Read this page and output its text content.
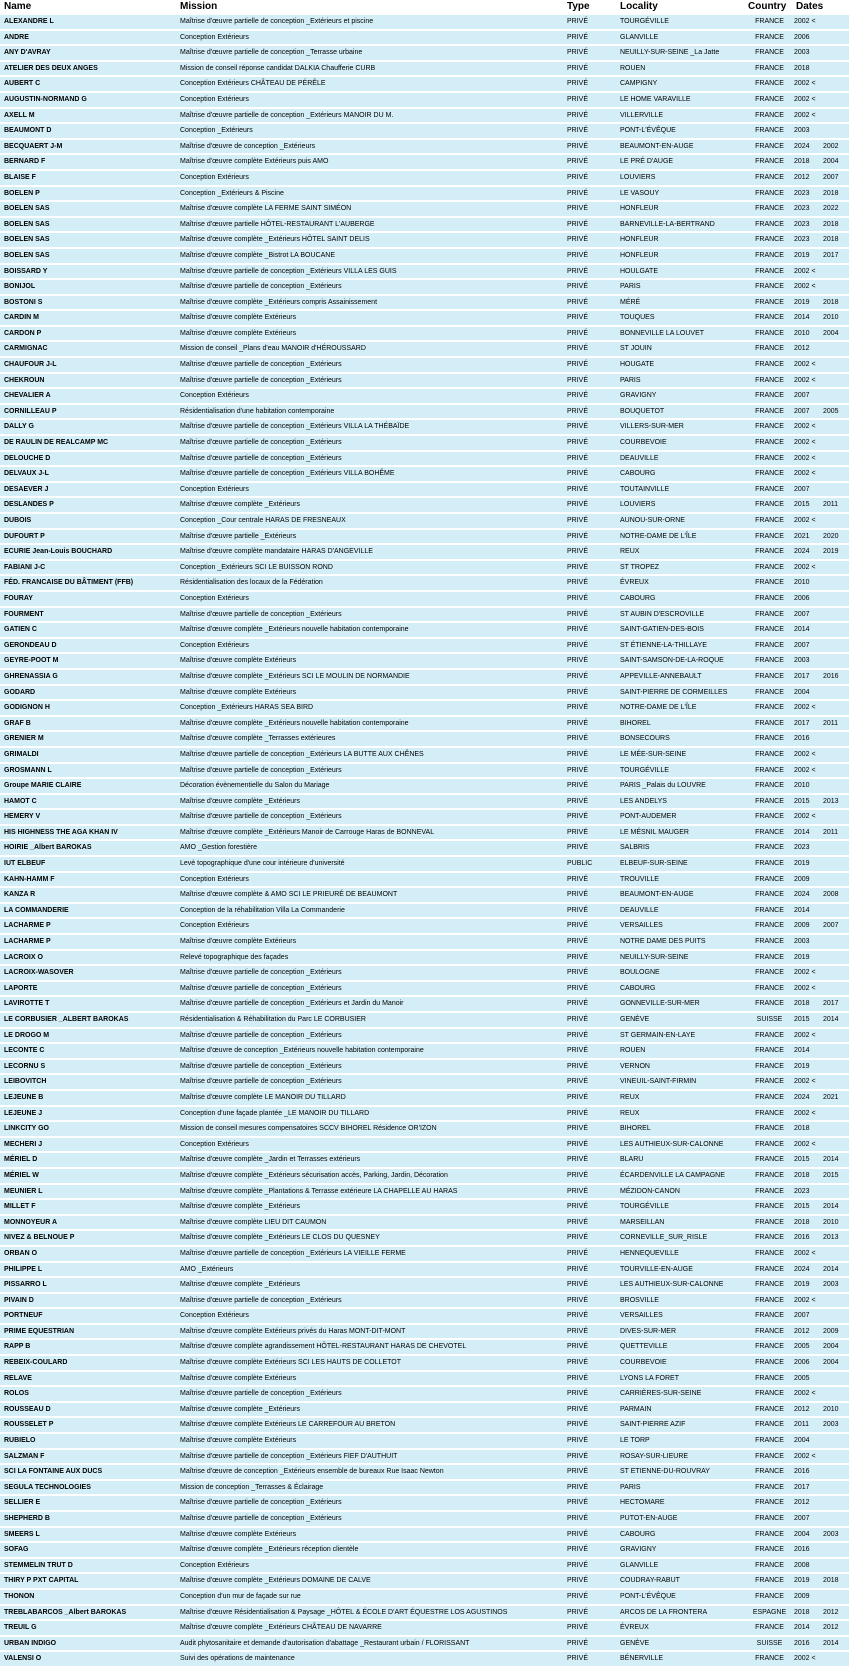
Name	Mission	Type	Locality	Country	Dates	
ALEXANDRE L	Maîtrise d'œuvre partielle de conception _Extérieurs et piscine	PRIVÉ	TOURGÉVILLE	FRANCE	2002 <	
ANDRE	Conception Extérieurs	PRIVÉ	GLANVILLE	FRANCE	2006	
ANY D'AVRAY	Maîtrise d'œuvre partielle de conception _Terrasse urbaine	PRIVÉ	NEUILLY-SUR-SEINE _La Jatte	FRANCE	2003	
ATELIER DES DEUX ANGES	Mission de conseil réponse candidat DALKIA Chaufferie CURB	PRIVÉ	ROUEN	FRANCE	2018	
AUBERT C	Conception Extérieurs CHÂTEAU DE PÉRÊLE	PRIVÉ	CAMPIGNY	FRANCE	2002 <	
AUGUSTIN-NORMAND G	Conception Extérieurs	PRIVÉ	LE HOME VARAVILLE	FRANCE	2002 <	
AXELL M	Maîtrise d'œuvre partielle de conception _Extérieurs MANOIR DU M.	PRIVÉ	VILLERVILLE	FRANCE	2002 <	
BEAUMONT D	Conception _Extérieurs	PRIVÉ	PONT-L'ÉVÊQUE	FRANCE	2003	
BECQUAERT J-M	Maîtrise d'œuvre de conception _Extérieurs	PRIVÉ	BEAUMONT-EN-AUGE	FRANCE	2024	2002
BERNARD F	Maîtrise d'œuvre complète Extérieurs puis AMO	PRIVÉ	LE PRÉ D'AUGE	FRANCE	2018	2004
BLAISE F	Conception Extérieurs	PRIVÉ	LOUVIERS	FRANCE	2012	2007
BOELEN P	Conception _Extérieurs & Piscine	PRIVÉ	LE VASOUY	FRANCE	2023	2018
BOELEN SAS	Maîtrise d'œuvre complète LA FERME SAINT SIMÉON	PRIVÉ	HONFLEUR	FRANCE	2023	2022
BOELEN SAS	Maîtrise d'œuvre partielle HÔTEL-RESTAURANT L'AUBERGE	PRIVÉ	BARNEVILLE-LA-BERTRAND	FRANCE	2023	2018
BOELEN SAS	Maîtrise d'œuvre complète _Extérieurs HÔTEL SAINT DELIS	PRIVÉ	HONFLEUR	FRANCE	2023	2018
BOELEN SAS	Maîtrise d'œuvre complète _Bistrot LA BOUCANE	PRIVÉ	HONFLEUR	FRANCE	2019	2017
BOISSARD Y	Maîtrise d'œuvre partielle de conception _Extérieurs VILLA LES GUIS	PRIVÉ	HOULGATE	FRANCE	2002 <	
BONIJOL	Maîtrise d'œuvre partielle de conception _Extérieurs	PRIVÉ	PARIS	FRANCE	2002 <	
BOSTONI S	Maîtrise d'œuvre complète _Extérieurs compris Assainissement	PRIVÉ	MÉRÉ	FRANCE	2019	2018
CARDIN M	Maîtrise d'œuvre complète Extérieurs	PRIVÉ	TOUQUES	FRANCE	2014	2010
CARDON P	Maîtrise d'œuvre complète Extérieurs	PRIVÉ	BONNEVILLE LA LOUVET	FRANCE	2010	2004
CARMIGNAC	Mission de conseil _Plans d'eau MANOIR d'HÉROUSSARD	PRIVÉ	ST JOUIN	FRANCE	2012	
CHAUFOUR J-L	Maîtrise d'œuvre partielle de conception _Extérieurs	PRIVÉ	HOUGATE	FRANCE	2002 <	
CHEKROUN	Maîtrise d'œuvre partielle de conception _Extérieurs	PRIVÉ	PARIS	FRANCE	2002 <	
CHEVALIER A	Conception Extérieurs	PRIVÉ	GRAVIGNY	FRANCE	2007	
CORNILLEAU P	Résidentialisation d'une habitation contemporaine	PRIVÉ	BOUQUETOT	FRANCE	2007	2005
DALLY G	Maîtrise d'œuvre partielle de conception _Extérieurs VILLA LA THÉBAÏDE	PRIVÉ	VILLERS-SUR-MER	FRANCE	2002 <	
DE RAULIN DE REALCAMP MC	Maîtrise d'œuvre partielle de conception _Extérieurs	PRIVÉ	COURBEVOIE	FRANCE	2002 <	
DELOUCHE D	Maîtrise d'œuvre partielle de conception _Extérieurs	PRIVÉ	DEAUVILLE	FRANCE	2002 <	
DELVAUX J-L	Maîtrise d'œuvre partielle de conception _Extérieurs VILLA BOHÊME	PRIVÉ	CABOURG	FRANCE	2002 <	
DESAEVER J	Conception Extérieurs	PRIVÉ	TOUTAINVILLE	FRANCE	2007	
DESLANDES P	Maîtrise d'œuvre complète _Extérieurs	PRIVÉ	LOUVIERS	FRANCE	2015	2011
DUBOIS	Conception _Cour centrale HARAS DE FRESNEAUX	PRIVÉ	AUNOU-SUR-ORNE	FRANCE	2002 <	
DUFOURT P	Maîtrise d'œuvre partielle _Extérieurs	PRIVÉ	NOTRE-DAME DE L'ÎLE	FRANCE	2021	2020
ECURIE Jean-Louis BOUCHARD	Maîtrise d'œuvre complète mandataire HARAS D'ANGEVILLE	PRIVÉ	REUX	FRANCE	2024	2019
FABIANI J-C	Conception _Extérieurs SCI LE BUISSON ROND	PRIVÉ	ST TROPEZ	FRANCE	2002 <	
FÉD. FRANCAISE DU BÂTIMENT (FFB)	Résidentialisation des locaux de la Fédération	PRIVÉ	ÉVREUX	FRANCE	2010	
FOURAY	Conception Extérieurs	PRIVÉ	CABOURG	FRANCE	2006	
FOURMENT	Maîtrise d'œuvre partielle de conception _Extérieurs	PRIVÉ	ST AUBIN D'ESCROVILLE	FRANCE	2007	
GATIEN C	Maîtrise d'œuvre complète _Extérieurs nouvelle habitation contemporaine	PRIVÉ	SAINT-GATIEN-DES-BOIS	FRANCE	2014	
GERONDEAU D	Conception Extérieurs	PRIVÉ	ST ÉTIENNE-LA-THILLAYE	FRANCE	2007	
GEYRE-POOT M	Maîtrise d'œuvre complète Extérieurs	PRIVÉ	SAINT-SAMSON-DE-LA-ROQUE	FRANCE	2003	
GHRENASSIA G	Maîtrise d'œuvre complète _Extérieurs SCI LE MOULIN DE NORMANDIE	PRIVÉ	APPEVILLE-ANNEBAULT	FRANCE	2017	2016
GODARD	Maîtrise d'œuvre complète Extérieurs	PRIVÉ	SAINT-PIERRE DE CORMEILLES	FRANCE	2004	
GODIGNON H	Conception _Extérieurs HARAS SEA BIRD	PRIVÉ	NOTRE-DAME DE L'ÎLE	FRANCE	2002 <	
GRAF B	Maîtrise d'œuvre complète _Extérieurs nouvelle habitation contemporaine	PRIVÉ	BIHOREL	FRANCE	2017	2011
GRENIER M	Maîtrise d'œuvre complète _Terrasses extérieures	PRIVÉ	BONSECOURS	FRANCE	2016	
GRIMALDI	Maîtrise d'œuvre partielle de conception _Extérieurs LA BUTTE AUX CHÊNES	PRIVÉ	LE MÉE-SUR-SEINE	FRANCE	2002 <	
GROSMANN L	Maîtrise d'œuvre partielle de conception _Extérieurs	PRIVÉ	TOURGÉVILLE	FRANCE	2002 <	
Groupe MARIE CLAIRE	Décoration évènementielle du Salon du Mariage	PRIVÉ	PARIS _Palais du LOUVRE	FRANCE	2010	
HAMOT C	Maîtrise d'œuvre complète _Extérieurs	PRIVÉ	LES ANDELYS	FRANCE	2015	2013
HEMERY V	Maîtrise d'œuvre partielle de conception _Extérieurs	PRIVÉ	PONT-AUDEMER	FRANCE	2002 <	
HIS HIGHNESS THE AGA KHAN IV	Maîtrise d'œuvre complète _Extérieurs Manoir de Carrouge Haras de BONNEVAL	PRIVÉ	LE MÉSNIL MAUGER	FRANCE	2014	2011
HOIRIE _Albert BAROKAS	AMO _Gestion forestière	PRIVÉ	SALBRIS	FRANCE	2023	
IUT ELBEUF	Levé topographique d'une cour intérieure d'université	PUBLIC	ELBEUF-SUR-SEINE	FRANCE	2019	
KAHN-HAMM F	Conception Extérieurs	PRIVÉ	TROUVILLE	FRANCE	2009	
KANZA R	Maîtrise d'œuvre complète & AMO SCI LE PRIEURÉ DE BEAUMONT	PRIVÉ	BEAUMONT-EN-AUGE	FRANCE	2024	2008
LA COMMANDERIE	Conception de la réhabilitation Villa La Commanderie	PRIVÉ	DEAUVILLE	FRANCE	2014	
LACHARME P	Conception Extérieurs	PRIVÉ	VERSAILLES	FRANCE	2009	2007
LACHARME P	Maîtrise d'œuvre complète Extérieurs	PRIVÉ	NOTRE DAME DES PUITS	FRANCE	2003	
LACROIX O	Relevé topographique des façades	PRIVÉ	NEUILLY-SUR-SEINE	FRANCE	2019	
LACROIX-WASOVER	Maîtrise d'œuvre partielle de conception _Extérieurs	PRIVÉ	BOULOGNE	FRANCE	2002 <	
LAPORTE	Maîtrise d'œuvre partielle de conception _Extérieurs	PRIVÉ	CABOURG	FRANCE	2002 <	
LAVIROTTE T	Maîtrise d'œuvre partielle de conception _Extérieurs et Jardin du Manoir	PRIVÉ	GONNEVILLE-SUR-MER	FRANCE	2018	2017
LE CORBUSIER _ALBERT BAROKAS	Résidentialisation & Réhabilitation du Parc LE CORBUSIER	PRIVÉ	GENÈVE	SUISSE	2015	2014
LE DROGO M	Maîtrise d'œuvre partielle de conception _Extérieurs	PRIVÉ	ST GERMAIN-EN-LAYE	FRANCE	2002 <	
LECONTE C	Maîtrise d'œuvre de conception _Extérieurs nouvelle habitation contemporaine	PRIVÉ	ROUEN	FRANCE	2014	
LECORNU S	Maîtrise d'œuvre partielle de conception _Extérieurs	PRIVÉ	VERNON	FRANCE	2019	
LEIBOVITCH	Maîtrise d'œuvre partielle de conception _Extérieurs	PRIVÉ	VINEUIL-SAINT-FIRMIN	FRANCE	2002 <	
LEJEUNE B	Maîtrise d'œuvre complète LE MANOIR DU TILLARD	PRIVÉ	REUX	FRANCE	2024	2021
LEJEUNE J	Conception d'une façade plantée _LE MANOIR DU TILLARD	PRIVÉ	REUX	FRANCE	2002 <	
LINKCITY GO	Mission de conseil mesures compensatoires SCCV BIHOREL Résidence OR'IZON	PRIVÉ	BIHOREL	FRANCE	2018	
MECHERI J	Conception Extérieurs	PRIVÉ	LES AUTHIEUX-SUR-CALONNE	FRANCE	2002 <	
MÉRIEL D	Maîtrise d'œuvre complète _Jardin et Terrasses extérieurs	PRIVÉ	BLARU	FRANCE	2015	2014
MÉRIEL W	Maîtrise d'œuvre complète _Extérieurs sécurisation accès, Parking, Jardin, Décoration	PRIVÉ	ÉCARDENVILLE LA CAMPAGNE	FRANCE	2018	2015
MEUNIER L	Maîtrise d'œuvre complète _Plantations & Terrasse extérieure LA CHAPELLE AU HARAS	PRIVÉ	MÉZIDON-CANON	FRANCE	2023	
MILLET F	Maîtrise d'œuvre complète _Extérieurs	PRIVÉ	TOURGÉVILLE	FRANCE	2015	2014
MONNOYEUR A	Maîtrise d'œuvre complète LIEU DIT CAUMON	PRIVÉ	MARSEILLAN	FRANCE	2018	2010
NIVEZ & BELNOUE P	Maîtrise d'œuvre complète _Extérieurs LE CLOS DU QUESNEY	PRIVÉ	CORNEVILLE_SUR_RISLE	FRANCE	2016	2013
ORBAN O	Maîtrise d'œuvre partielle de conception _Extérieurs LA VIEILLE FERME	PRIVÉ	HENNEQUEVILLE	FRANCE	2002 <	
PHILIPPE L	AMO _Extérieurs	PRIVÉ	TOURVILLE-EN-AUGE	FRANCE	2024	2014
PISSARRO L	Maîtrise d'œuvre complète _Extérieurs	PRIVÉ	LES AUTHIEUX-SUR-CALONNE	FRANCE	2019	2003
PIVAIN D	Maîtrise d'œuvre partielle de conception _Extérieurs	PRIVÉ	BROSVILLE	FRANCE	2002 <	
PORTNEUF	Conception Extérieurs	PRIVÉ	VERSAILLES	FRANCE	2007	
PRIME EQUESTRIAN	Maîtrise d'œuvre complète Extérieurs privés du Haras MONT-DIT-MONT	PRIVÉ	DIVES-SUR-MER	FRANCE	2012	2009
RAPP B	Maîtrise d'œuvre complète agrandissement HÔTEL-RESTAURANT HARAS DE CHEVOTEL	PRIVÉ	QUETTEVILLE	FRANCE	2005	2004
REBEIX-COULARD	Maîtrise d'œuvre complète Extérieurs SCI LES HAUTS DE COLLETOT	PRIVÉ	COURBEVOIE	FRANCE	2006	2004
RELAVE	Maîtrise d'œuvre complète Extérieurs	PRIVÉ	LYONS LA FORET	FRANCE	2005	
ROLOS	Maîtrise d'œuvre partielle de conception _Extérieurs	PRIVÉ	CARRIÈRES-SUR-SEINE	FRANCE	2002 <	
ROUSSEAU D	Maîtrise d'œuvre complète _Extérieurs	PRIVÉ	PARMAIN	FRANCE	2012	2010
ROUSSELET P	Maîtrise d'œuvre complète Extérieurs LE CARREFOUR AU BRETON	PRIVÉ	SAINT-PIERRE AZIF	FRANCE	2011	2003
RUBIELO	Maîtrise d'œuvre complète Extérieurs	PRIVÉ	LE TORP	FRANCE	2004	
SALZMAN F	Maîtrise d'œuvre partielle de conception _Extérieurs FIEF D'AUTHUIT	PRIVÉ	ROSAY-SUR-LIEURE	FRANCE	2002 <	
SCI LA FONTAINE AUX DUCS	Maîtrise d'œuvre de conception _Extérieurs ensemble de bureaux Rue Isaac Newton	PRIVÉ	ST ETIENNE-DU-ROUVRAY	FRANCE	2016	
SEGULA TECHNOLOGIES	Mission de conception _Terrasses & Éclairage	PRIVÉ	PARIS	FRANCE	2017	
SELLIER E	Maîtrise d'œuvre partielle de conception _Extérieurs	PRIVÉ	HECTOMARE	FRANCE	2012	
SHEPHERD B	Maîtrise d'œuvre partielle de conception _Extérieurs	PRIVÉ	PUTOT-EN-AUGE	FRANCE	2007	
SMEERS L	Maîtrise d'œuvre complète Extérieurs	PRIVÉ	CABOURG	FRANCE	2004	2003
SOFAG	Maîtrise d'œuvre complète _Extérieurs réception clientèle	PRIVÉ	GRAVIGNY	FRANCE	2016	
STEMMELIN TRUT D	Conception Extérieurs	PRIVÉ	GLANVILLE	FRANCE	2008	
THIRY P PXT CAPITAL	Maîtrise d'œuvre complète _Extérieurs DOMAINE DE CALVE	PRIVÉ	COUDRAY-RABUT	FRANCE	2019	2018
THONON	Conception d'un mur de façade sur rue	PRIVÉ	PONT-L'ÉVÊQUE	FRANCE	2009	
TREBLABARCOS _Albert BAROKAS	Maîtrise d'œuvre Résidentialisation & Paysage _HÔTEL & ÉCOLE D'ART ÉQUESTRE LOS AGUSTINOS	PRIVÉ	ARCOS DE LA FRONTERA	ESPAGNE	2018	2012
TREUIL G	Maîtrise d'œuvre complète _Extérieurs CHÂTEAU DE NAVARRE	PRIVÉ	ÉVREUX	FRANCE	2014	2012
URBAN INDIGO	Audit phytosanitaire et demande d'autorisation d'abattage _Restaurant urbain / FLORISSANT	PRIVÉ	GENÈVE	SUISSE	2016	2014
VALENSI O	Suivi des opérations de maintenance	PRIVÉ	BÉNERVILLE	FRANCE	2002 <	
